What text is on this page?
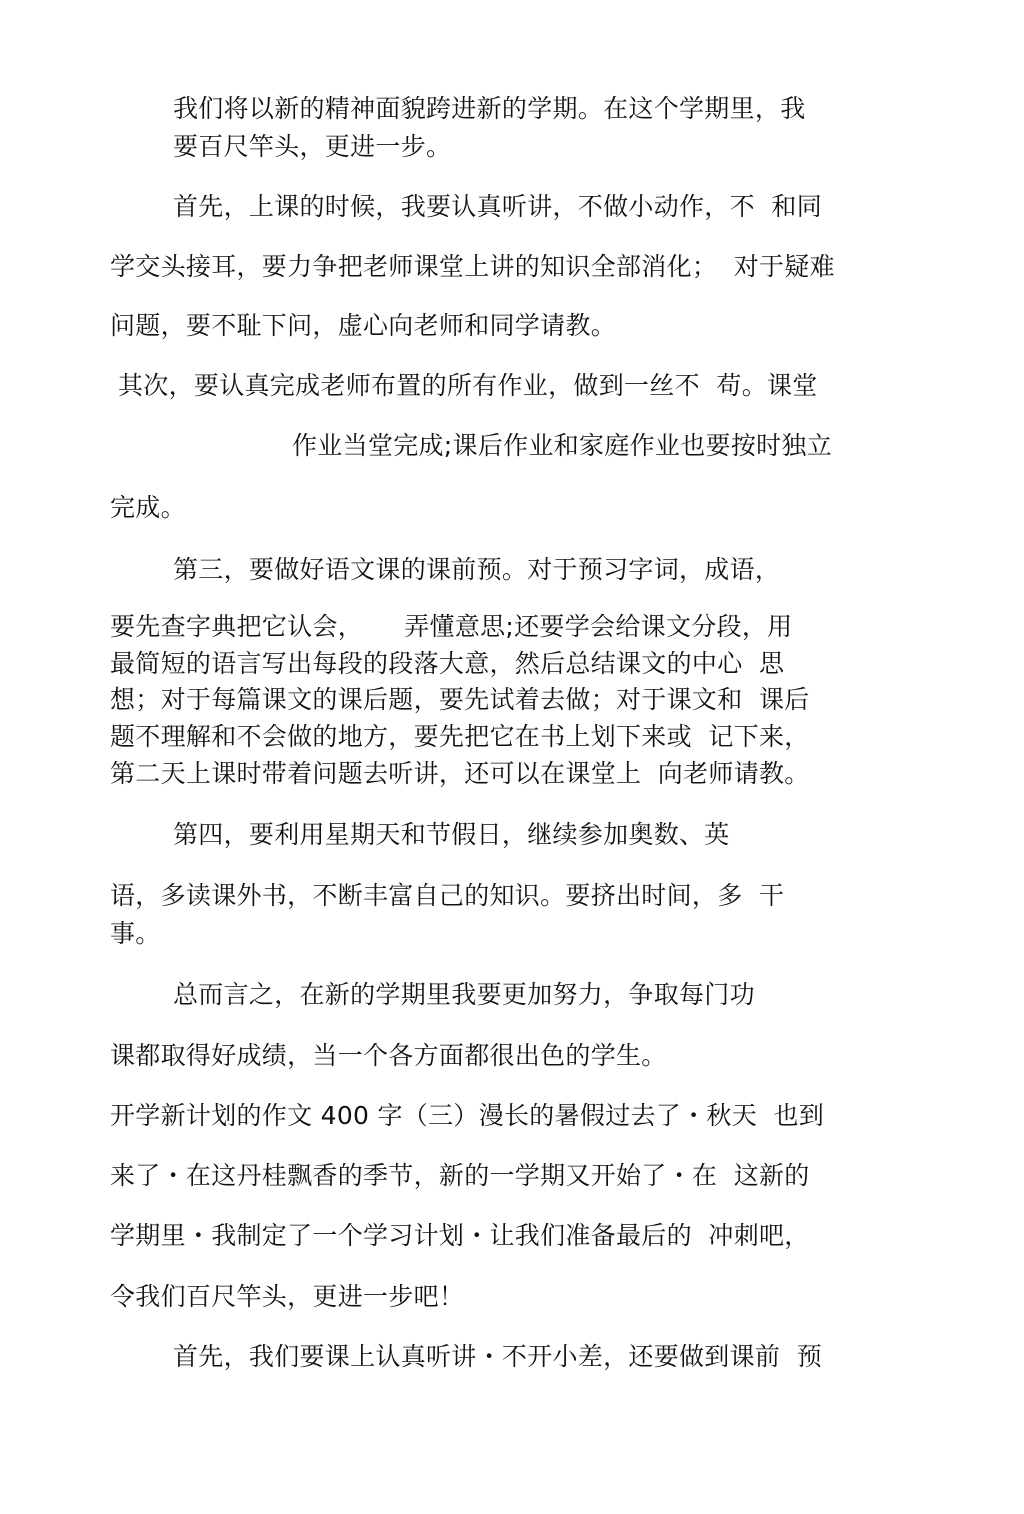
我们将以新的精神面貌跨进新的学期。在这个学期里，我
要百尺竿头，更进一步。
首先，上课的时候，我要认真听讲，不做小动作，不  和同
学交头接耳，要力争把老师课堂上讲的知识全部消化；  对于疑难
问题，要不耻下问，虚心向老师和同学请教。
其次，要认真完成老师布置的所有作业，做到一丝不  苟。课堂
作业当堂完成;课后作业和家庭作业也要按时独立
完成。
第三，要做好语文课的课前预。对于预习字词，成语，
要先查字典把它认会，     弄懂意思;还要学会给课文分段，用
最简短的语言写出每段的段落大意，然后总结课文的中心  思
想；对于每篇课文的课后题，要先试着去做；对于课文和  课后
题不理解和不会做的地方，要先把它在书上划下来或  记下来，
第二天上课时带着问题去听讲，还可以在课堂上  向老师请教。
第四，要利用星期天和节假日，继续参加奥数、英
语，多读课外书，不断丰富自己的知识。要挤出时间，多  干
事。
总而言之，在新的学期里我要更加努力，争取每门功
课都取得好成绩，当一个各方面都很出色的学生。
开学新计划的作文 400 字（三）漫长的暑假过去了・秋天  也到
来了・在这丹桂飘香的季节，新的一学期又开始了・在  这新的
学期里・我制定了一个学习计划・让我们准备最后的  冲刺吧，
令我们百尺竿头，更进一步吧！
首先，我们要课上认真听讲・不开小差，还要做到课前  预
